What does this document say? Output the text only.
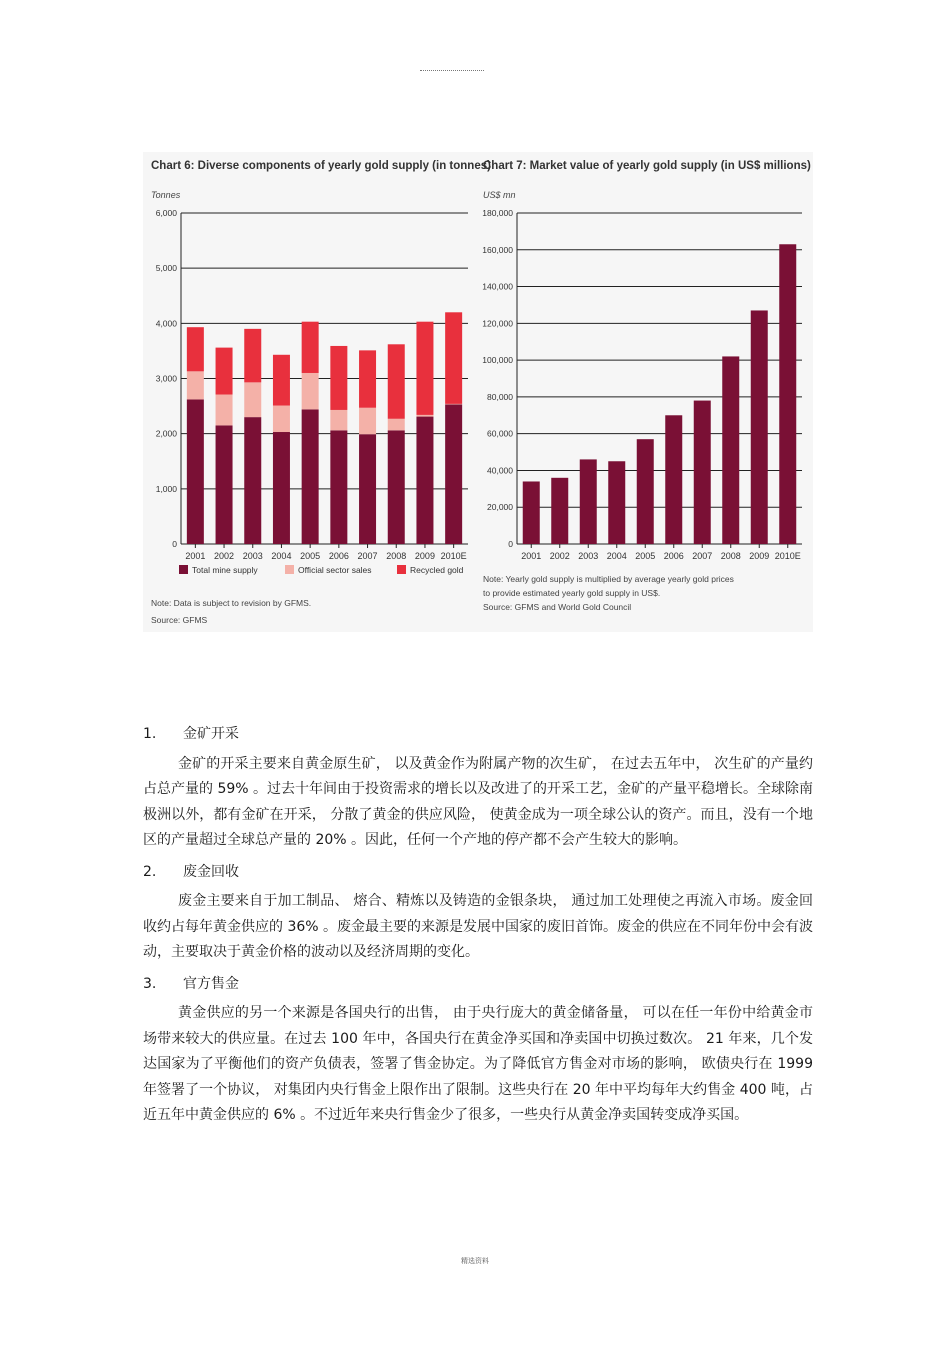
Chart 6: Diverse components of yearly gold supply (in tonnes)
Tonnes
0
1,000
2,000
3,000
4,000
5,000
6,000
2001 2002 2003 2004 2005 2006 2007 2008 2009 2010E
Total mine supply	Official sector sales	Recycled gold
Note: Data is subject to revision by GFMS.
Source: GFMS
Chart 7: Market value of yearly gold supply (in US$ millions)
US$ mn
0
20,000
40,000
60,000
80,000
100,000
120,000
140,000
160,000
180,000
2001 2002 2003 2004 2005 2006 2007 2008 2009 2010E
Note: Yearly gold supply is multiplied by average yearly gold prices
to provide estimated yearly gold supply in US$.
Source: GFMS and World Gold Council

1. 金矿开采

金矿的开采主要来自黄金原生矿， 以及黄金作为附属产物的次生矿， 在过去五年中， 次生矿的产量约占总产量的 59% 。过去十年间由于投资需求的增长以及改进了的开采工艺，金矿的产量平稳增长。全球除南极洲以外，都有金矿在开采， 分散了黄金的供应风险， 使黄金成为一项全球公认的资产。而且，没有一个地区的产量超过全球总产量的 20% 。因此，任何一个产地的停产都不会产生较大的影响。

2. 废金回收

废金主要来自于加工制品、 熔合、精炼以及铸造的金银条块， 通过加工处理使之再流入市场。废金回收约占每年黄金供应的 36% 。废金最主要的来源是发展中国家的废旧首饰。废金的供应在不同年份中会有波动，主要取决于黄金价格的波动以及经济周期的变化。

3. 官方售金

黄金供应的另一个来源是各国央行的出售， 由于央行庞大的黄金储备量， 可以在任一年份中给黄金市场带来较大的供应量。在过去 100 年中，各国央行在黄金净买国和净卖国中切换过数次。 21 年来，几个发达国家为了平衡他们的资产负债表，签署了售金协定。为了降低官方售金对市场的影响， 欧债央行在 1999 年签署了一个协议， 对集团内央行售金上限作出了限制。这些央行在 20 年中平均每年大约售金 400 吨，占近五年中黄金供应的 6% 。不过近年来央行售金少了很多，一些央行从黄金净卖国转变成净买国。

精选资料
